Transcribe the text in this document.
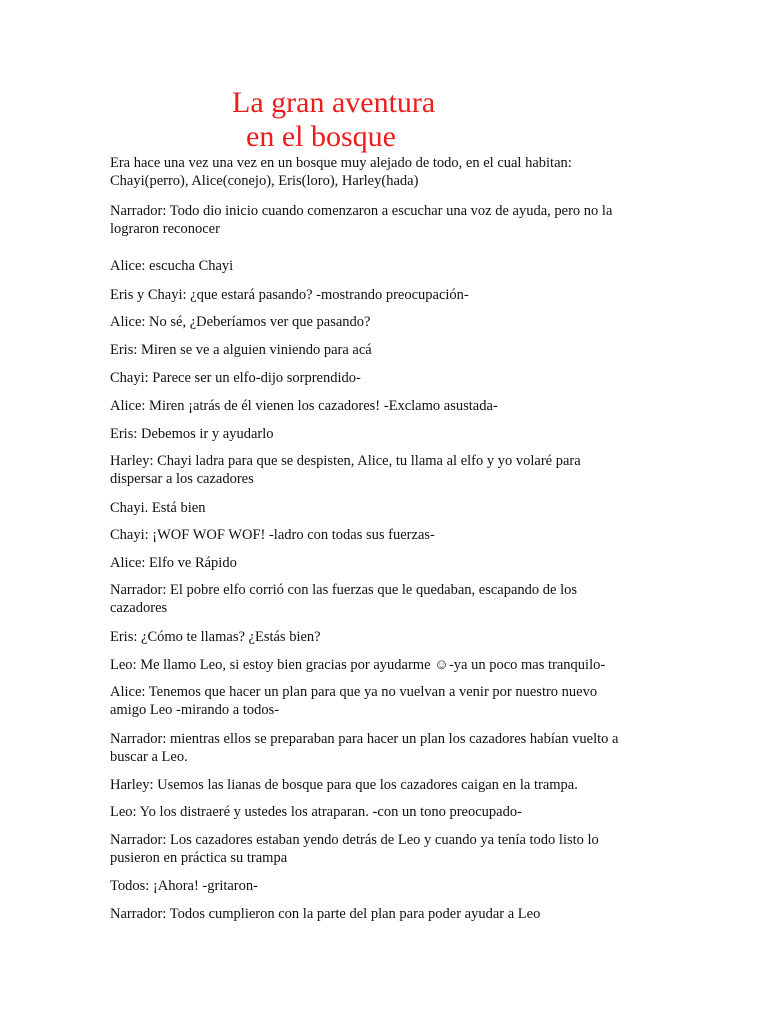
La gran aventura
en el bosque

Era hace una vez una vez en un bosque muy alejado de todo, en el cual habitan:
Chayi(perro), Alice(conejo), Eris(loro), Harley(hada)

Narrador: Todo dio inicio cuando comenzaron a escuchar una voz de ayuda, pero no la
lograron reconocer

Alice: escucha Chayi

Eris y Chayi: ¿que estará pasando? -mostrando preocupación-

Alice: No sé, ¿Deberíamos ver que pasando?

Eris: Miren se ve a alguien viniendo para acá

Chayi: Parece ser un elfo-dijo sorprendido-

Alice: Miren ¡atrás de él vienen los cazadores! -Exclamo asustada-

Eris: Debemos ir y ayudarlo

Harley: Chayi ladra para que se despisten, Alice, tu llama al elfo y yo volaré para
dispersar a los cazadores

Chayi. Está bien

Chayi: ¡WOF WOF WOF! -ladro con todas sus fuerzas-

Alice: Elfo ve Rápido

Narrador: El pobre elfo corrió con las fuerzas que le quedaban, escapando de los
cazadores

Eris: ¿Cómo te llamas? ¿Estás bien?

Leo: Me llamo Leo, si estoy bien gracias por ayudarme ☺-ya un poco mas tranquilo-

Alice: Tenemos que hacer un plan para que ya no vuelvan a venir por nuestro nuevo
amigo Leo -mirando a todos-

Narrador: mientras ellos se preparaban para hacer un plan los cazadores habían vuelto a
buscar a Leo.

Harley: Usemos las lianas de bosque para que los cazadores caigan en la trampa.

Leo: Yo los distraeré y ustedes los atraparan. -con un tono preocupado-

Narrador: Los cazadores estaban yendo detrás de Leo y cuando ya tenía todo listo lo
pusieron en práctica su trampa

Todos: ¡Ahora! -gritaron-

Narrador: Todos cumplieron con la parte del plan para poder ayudar a Leo
